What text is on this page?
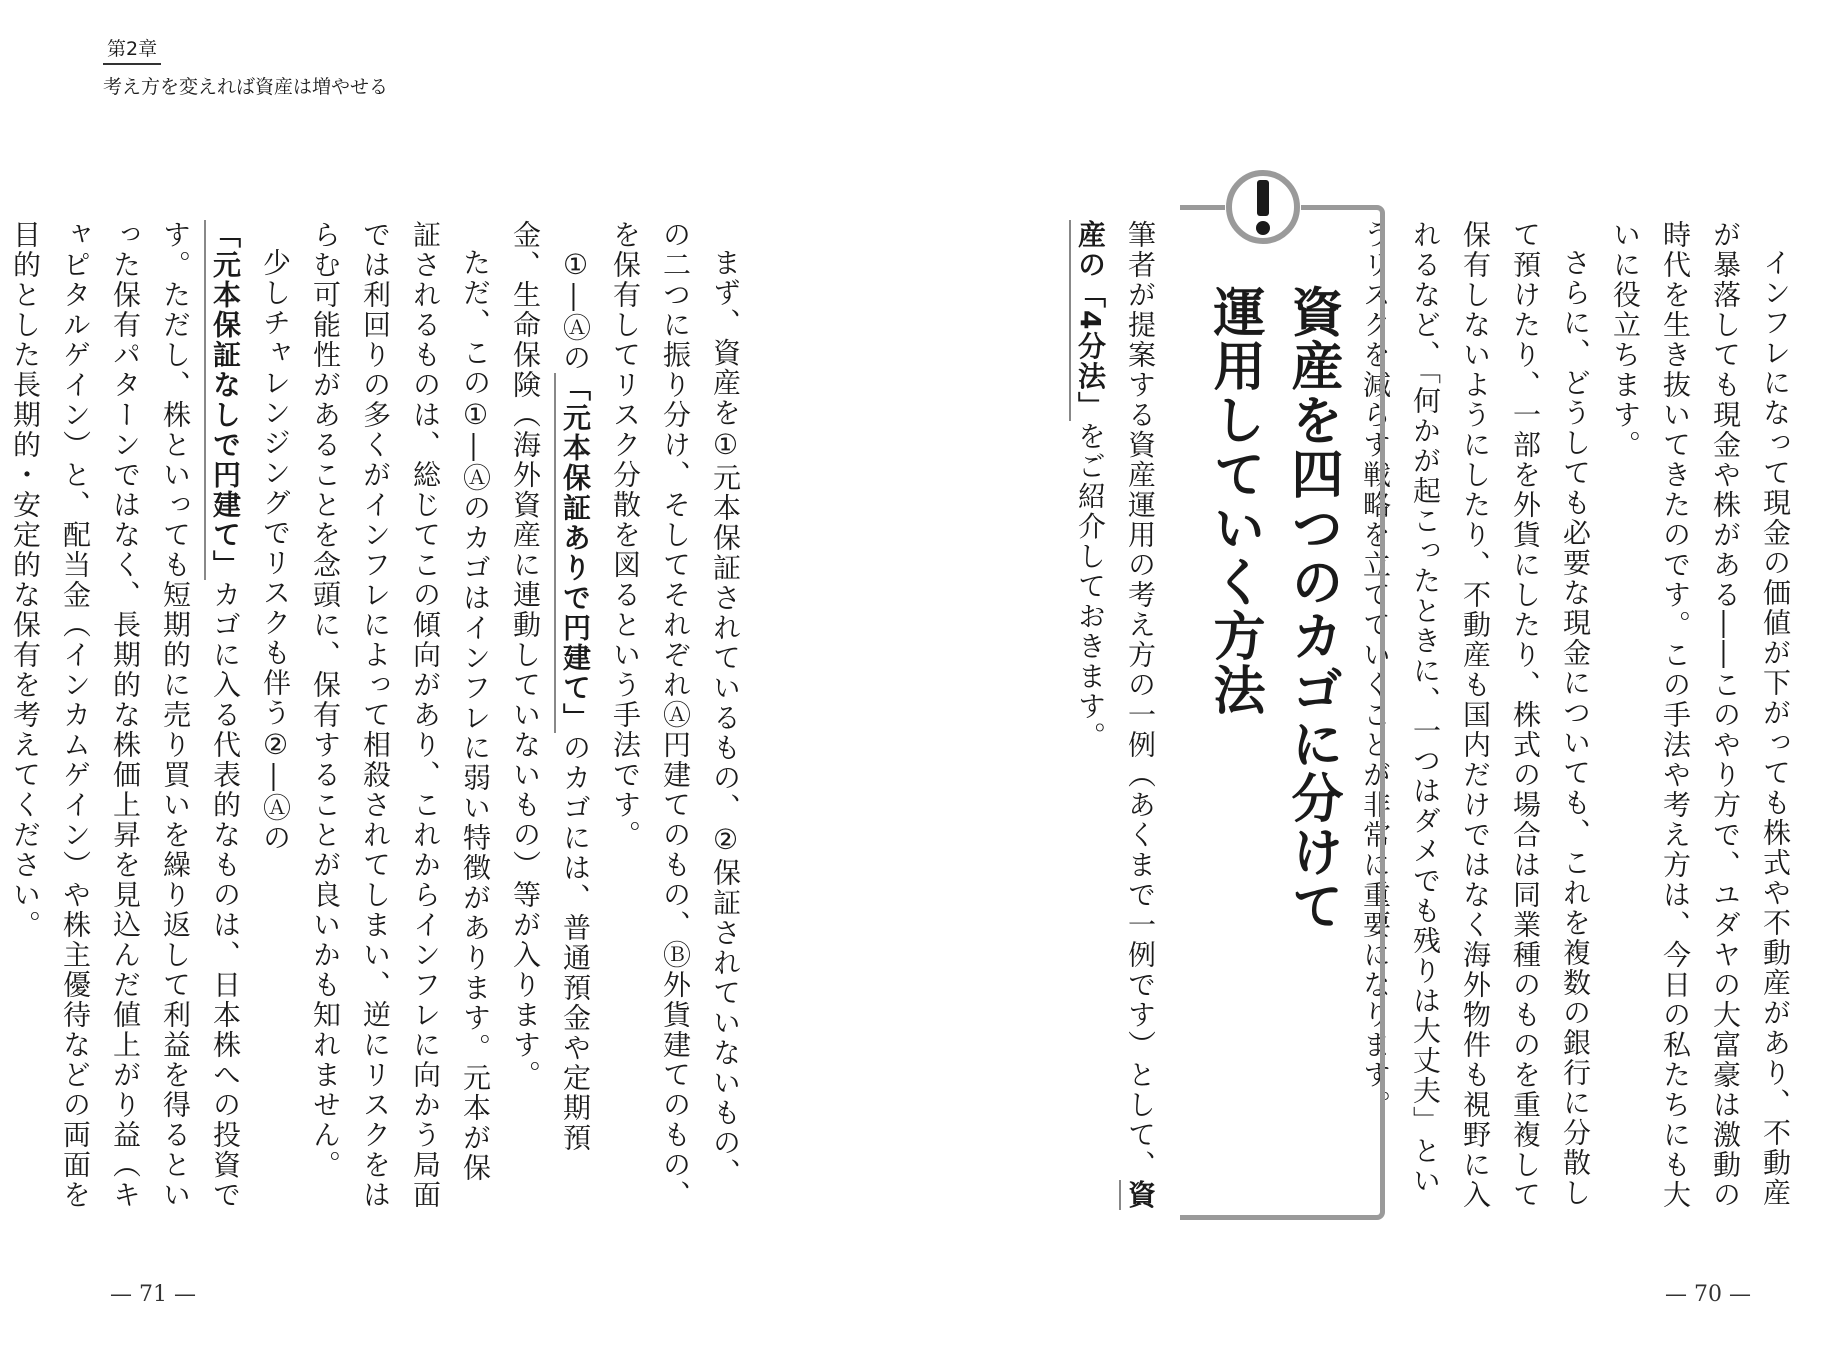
第2章
考え方を変えれば資産は増やせる

インフレになって現金の価値が下がっても株式や不動産があり、不動産が暴落しても現金や株がある――このやり方で、ユダヤの大富豪は激動の時代を生き抜いてきたのです。この手法や考え方は、今日の私たちにも大いに役立ちます。

さらに、どうしても必要な現金についても、これを複数の銀行に分散して預けたり、一部を外貨にしたり、株式の場合は同業種のものを重複して保有しないようにしたり、不動産も国内だけではなく海外物件も視野に入れるなど、「何かが起こったときに、一つはダメでも残りは大丈夫」というリスクを減らす戦略を立てていくことが非常に重要になります。

資産を四つのカゴに分けて
運用していく方法

筆者が提案する資産運用の考え方の一例（あくまで一例です）として、資産の「4分法」をご紹介しておきます。

まず、資産を①元本保証されているもの、②保証されていないもの、の二つに振り分け、そしてそれぞれⒶ円建てのもの、Ⓑ外貨建てのもの、を保有してリスク分散を図るという手法です。

①―Ⓐの「元本保証ありで円建て」のカゴには、普通預金や定期預金、生命保険（海外資産に連動していないもの）等が入ります。

ただ、この①―Ⓐのカゴはインフレに弱い特徴があります。元本が保証されるものは、総じてこの傾向があり、これからインフレに向かう局面では利回りの多くがインフレによって相殺されてしまい、逆にリスクをはらむ可能性があることを念頭に、保有することが良いかも知れません。

少しチャレンジングでリスクも伴う②―Ⓐの「元本保証なしで円建て」カゴに入る代表的なものは、日本株への投資です。ただし、株といっても短期的に売り買いを繰り返して利益を得るといった保有パターンではなく、長期的な株価上昇を見込んだ値上がり益（キャピタルゲイン）と、配当金（インカムゲイン）や株主優待などの両面を目的とした長期的・安定的な保有を考えてください。

— 71 —	— 70 —
